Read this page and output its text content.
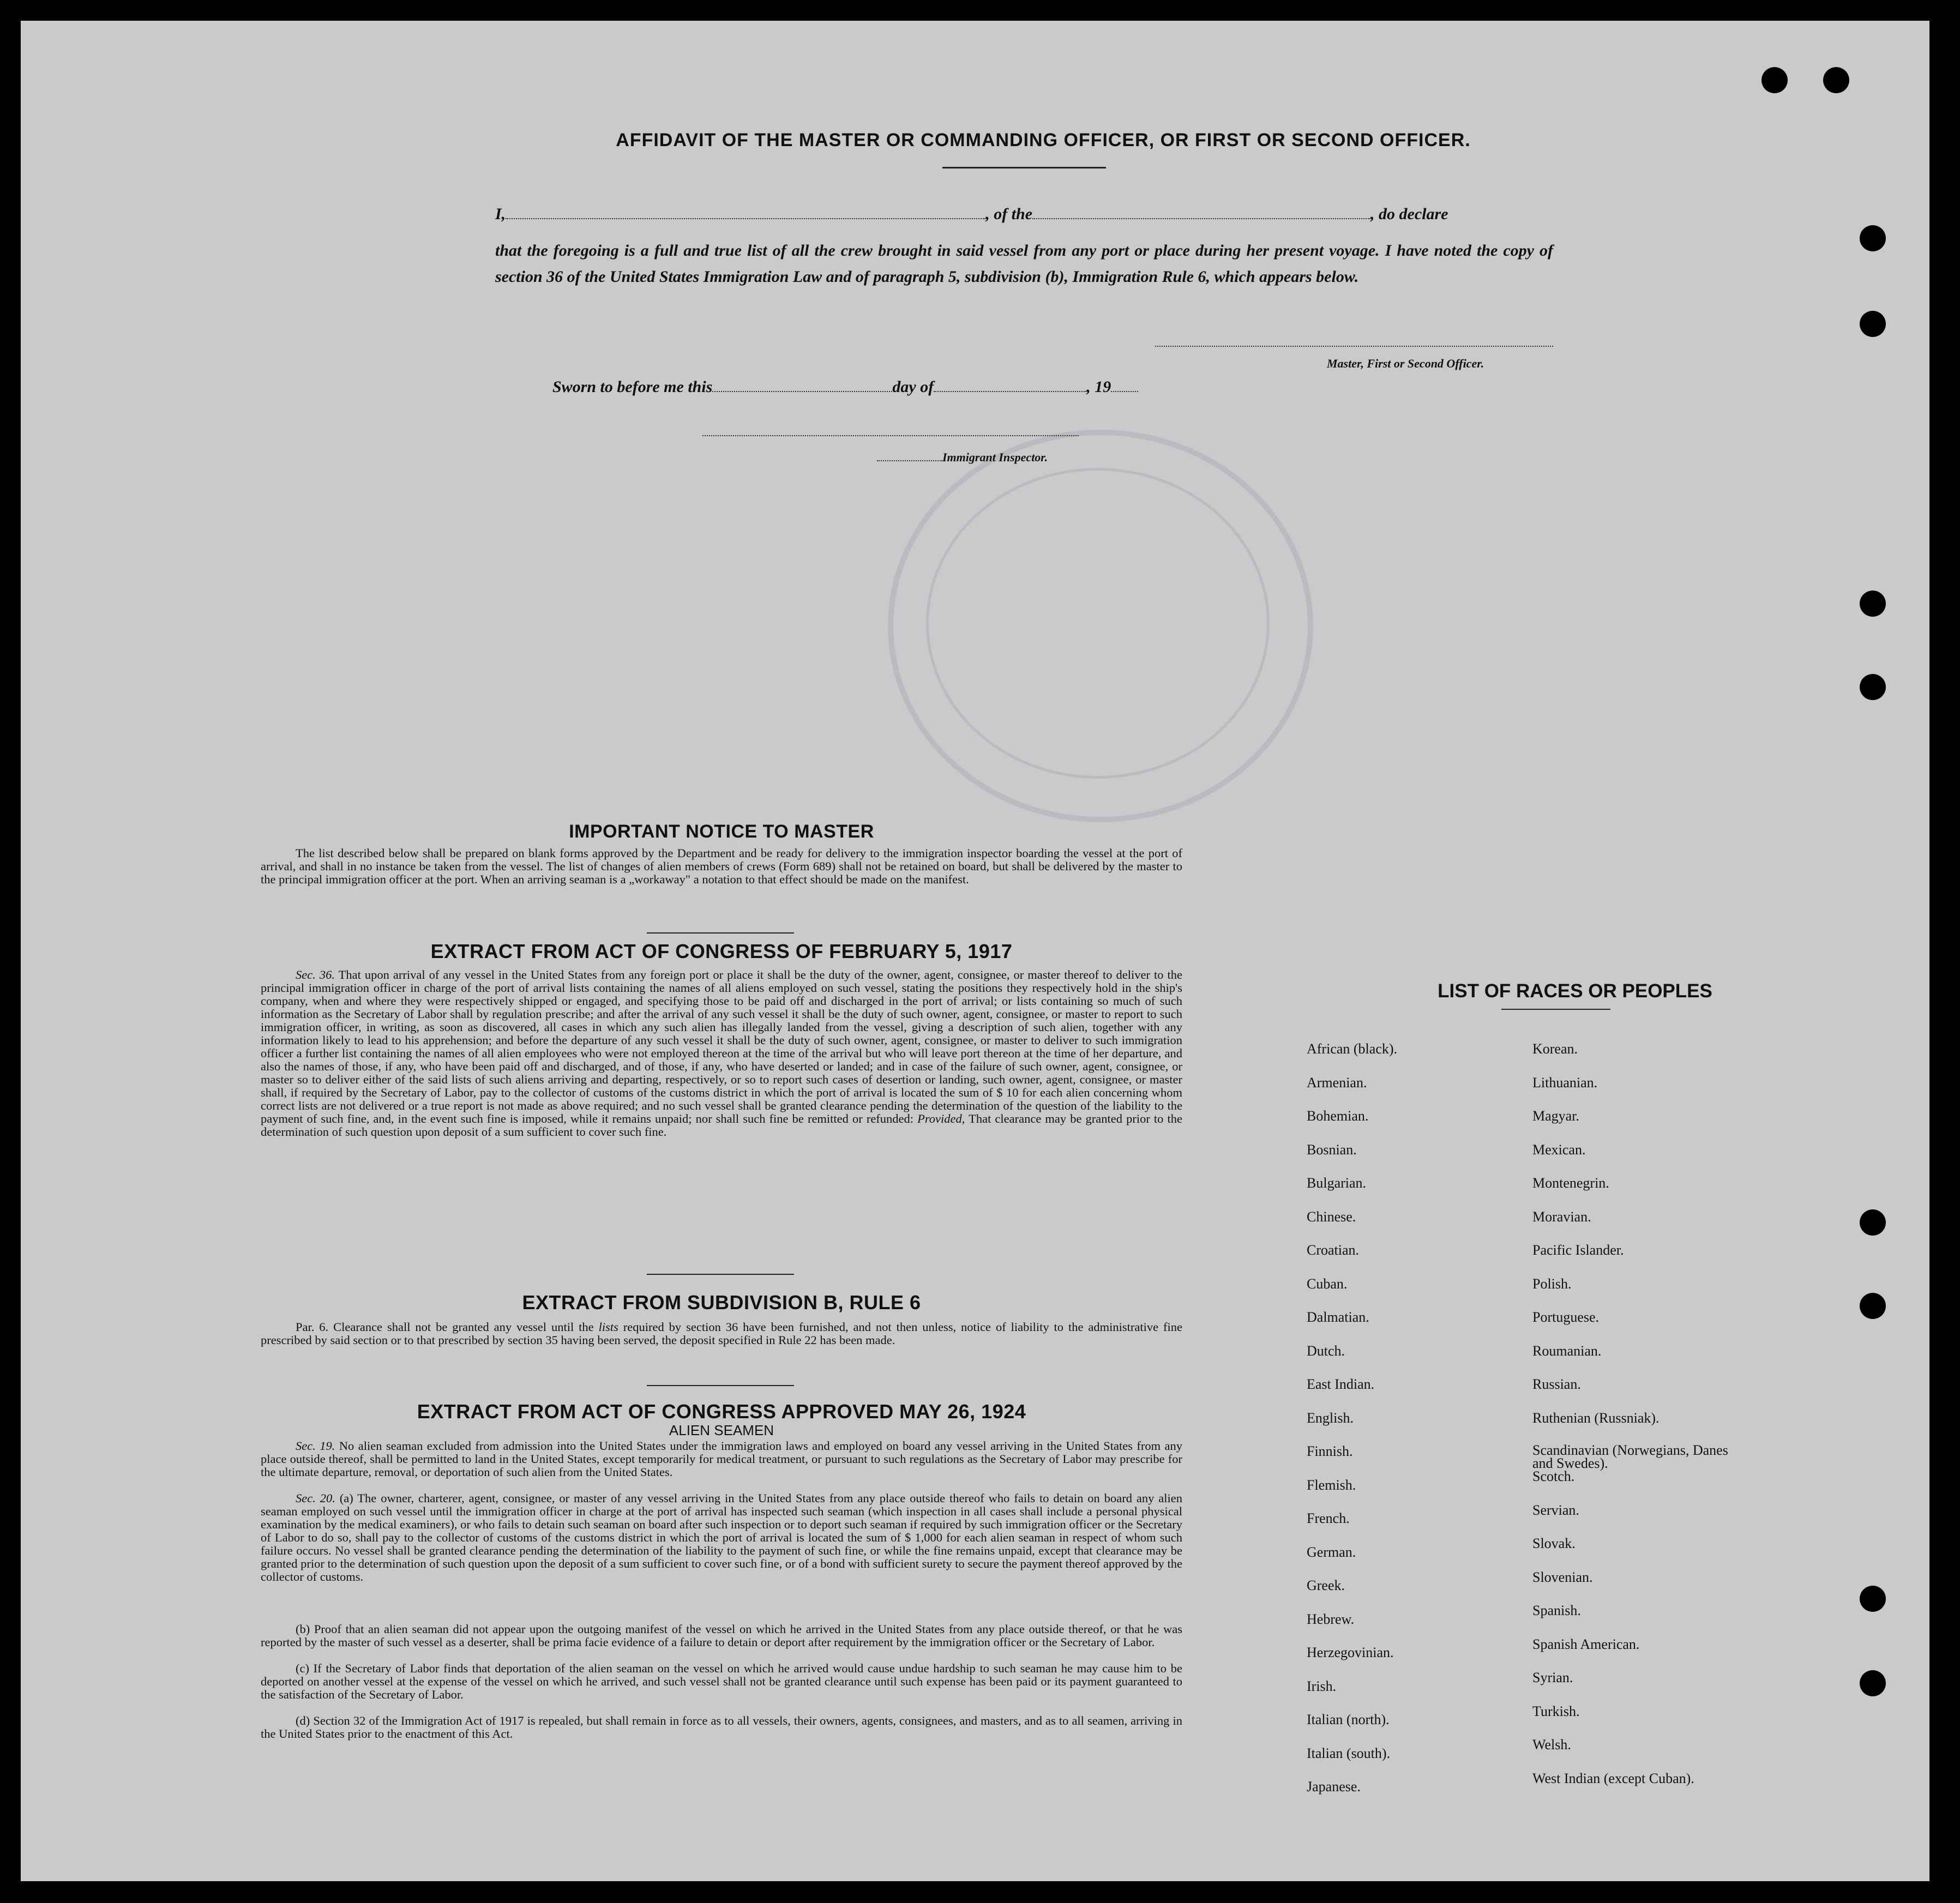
AFFIDAVIT OF THE MASTER OR COMMANDING OFFICER, OR FIRST OR SECOND OFFICER.
I,	, of the	, do declare
that the foregoing is a full and true list of all the crew brought in said vessel from any port or place during her present voyage. I have noted the copy of section 36 of the United States Immigration Law and of paragraph 5, subdivision (b), Immigration Rule 6, which appears below.
Master, First or Second Officer.
Sworn to before me this	day of	, 19
Immigrant Inspector.
IMPORTANT NOTICE TO MASTER
The list described below shall be prepared on blank forms approved by the Department and be ready for delivery to the immigration inspector boarding the vessel at the port of arrival, and shall in no instance be taken from the vessel. The list of changes of alien members of crews (Form 689) shall not be retained on board, but shall be delivered by the master to the principal immigration officer at the port. When an arriving seaman is a „workaway" a notation to that effect should be made on the manifest.
EXTRACT FROM ACT OF CONGRESS OF FEBRUARY 5, 1917
Sec. 36. That upon arrival of any vessel in the United States from any foreign port or place it shall be the duty of the owner, agent, consignee, or master thereof to deliver to the principal immigration officer in charge of the port of arrival lists containing the names of all aliens employed on such vessel, stating the positions they respectively hold in the ship's company, when and where they were respectively shipped or engaged, and specifying those to be paid off and discharged in the port of arrival; or lists containing so much of such information as the Secretary of Labor shall by regulation prescribe; and after the arrival of any such vessel it shall be the duty of such owner, agent, consignee, or master to report to such immigration officer, in writing, as soon as discovered, all cases in which any such alien has illegally landed from the vessel, giving a description of such alien, together with any information likely to lead to his apprehension; and before the departure of any such vessel it shall be the duty of such owner, agent, consignee, or master to deliver to such immigration officer a further list containing the names of all alien employees who were not employed thereon at the time of the arrival but who will leave port thereon at the time of her departure, and also the names of those, if any, who have been paid off and discharged, and of those, if any, who have deserted or landed; and in case of the failure of such owner, agent, consignee, or master so to deliver either of the said lists of such aliens arriving and departing, respectively, or so to report such cases of desertion or landing, such owner, agent, consignee, or master shall, if required by the Secretary of Labor, pay to the collector of customs of the customs district in which the port of arrival is located the sum of $ 10 for each alien concerning whom correct lists are not delivered or a true report is not made as above required; and no such vessel shall be granted clearance pending the determination of the question of the liability to the payment of such fine, and, in the event such fine is imposed, while it remains unpaid; nor shall such fine be remitted or refunded: Provided, That clearance may be granted prior to the determination of such question upon deposit of a sum sufficient to cover such fine.
EXTRACT FROM SUBDIVISION B, RULE 6
Par. 6. Clearance shall not be granted any vessel until the lists required by section 36 have been furnished, and not then unless, notice of liability to the administrative fine prescribed by said section or to that prescribed by section 35 having been served, the deposit specified in Rule 22 has been made.
EXTRACT FROM ACT OF CONGRESS APPROVED MAY 26, 1924
ALIEN SEAMEN
Sec. 19. No alien seaman excluded from admission into the United States under the immigration laws and employed on board any vessel arriving in the United States from any place outside thereof, shall be permitted to land in the United States, except temporarily for medical treatment, or pursuant to such regulations as the Secretary of Labor may prescribe for the ultimate departure, removal, or deportation of such alien from the United States.
Sec. 20. (a) The owner, charterer, agent, consignee, or master of any vessel arriving in the United States from any place outside thereof who fails to detain on board any alien seaman employed on such vessel until the immigration officer in charge at the port of arrival has inspected such seaman (which inspection in all cases shall include a personal physical examination by the medical examiners), or who fails to detain such seaman on board after such inspection or to deport such seaman if required by such immigration officer or the Secretary of Labor to do so, shall pay to the collector of customs of the customs district in which the port of arrival is located the sum of $ 1,000 for each alien seaman in respect of whom such failure occurs. No vessel shall be granted clearance pending the determination of the liability to the payment of such fine, or while the fine remains unpaid, except that clearance may be granted prior to the determination of such question upon the deposit of a sum sufficient to cover such fine, or of a bond with sufficient surety to secure the payment thereof approved by the collector of customs.
(b) Proof that an alien seaman did not appear upon the outgoing manifest of the vessel on which he arrived in the United States from any place outside thereof, or that he was reported by the master of such vessel as a deserter, shall be prima facie evidence of a failure to detain or deport after requirement by the immigration officer or the Secretary of Labor.
(c) If the Secretary of Labor finds that deportation of the alien seaman on the vessel on which he arrived would cause undue hardship to such seaman he may cause him to be deported on another vessel at the expense of the vessel on which he arrived, and such vessel shall not be granted clearance until such expense has been paid or its payment guaranteed to the satisfaction of the Secretary of Labor.
(d) Section 32 of the Immigration Act of 1917 is repealed, but shall remain in force as to all vessels, their owners, agents, consignees, and masters, and as to all seamen, arriving in the United States prior to the enactment of this Act.
LIST OF RACES OR PEOPLES
African (black).
Armenian.
Bohemian.
Bosnian.
Bulgarian.
Chinese.
Croatian.
Cuban.
Dalmatian.
Dutch.
East Indian.
English.
Finnish.
Flemish.
French.
German.
Greek.
Hebrew.
Herzegovinian.
Irish.
Italian (north).
Italian (south).
Japanese.
Korean.
Lithuanian.
Magyar.
Mexican.
Montenegrin.
Moravian.
Pacific Islander.
Polish.
Portuguese.
Roumanian.
Russian.
Ruthenian (Russniak).
Scandinavian (Norwegians, Danes and Swedes).
Scotch.
Servian.
Slovak.
Slovenian.
Spanish.
Spanish American.
Syrian.
Turkish.
Welsh.
West Indian (except Cuban).
